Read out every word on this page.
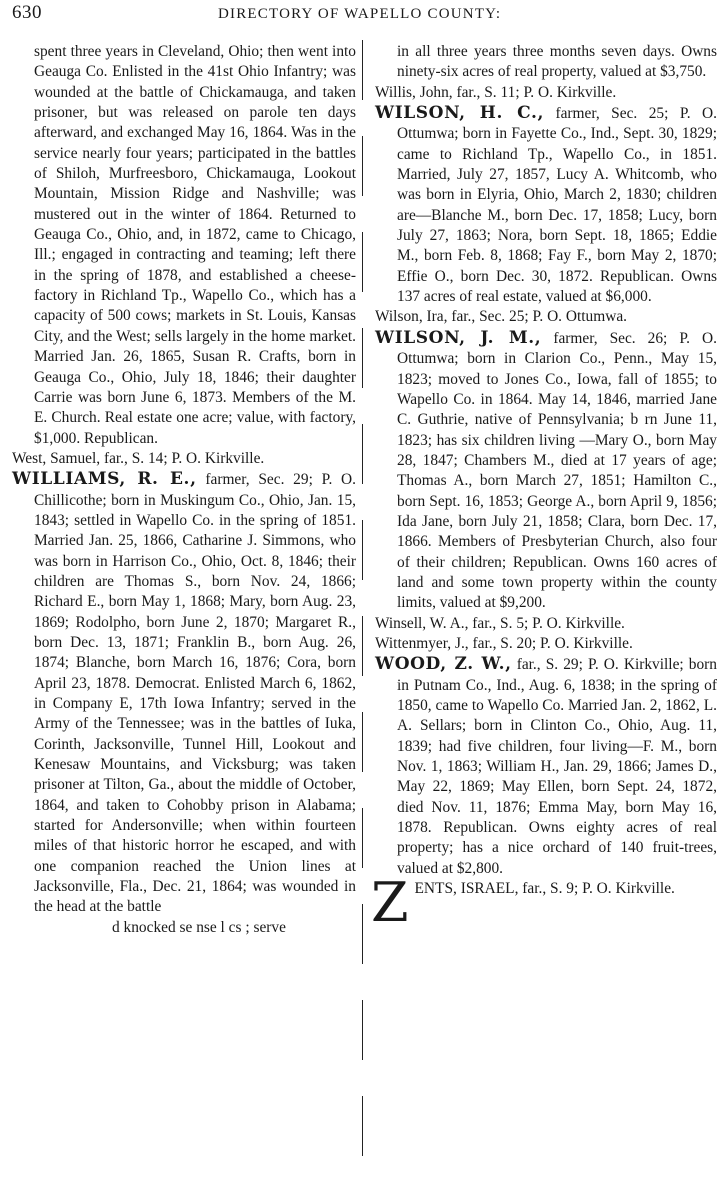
630	DIRECTORY OF WAPELLO COUNTY:

spent three years in Cleveland, Ohio; then went into Geauga Co. Enlisted in the 41st Ohio Infantry; was wounded at the battle of Chickamauga, and taken prisoner, but was released on parole ten days afterward, and exchanged May 16, 1864. Was in the service nearly four years; participated in the battles of Shiloh, Murfreesboro, Chickamauga, Lookout Mountain, Mission Ridge and Nashville; was mustered out in the winter of 1864. Returned to Geauga Co., Ohio, and, in 1872, came to Chicago, Ill.; engaged in contracting and teaming; left there in the spring of 1878, and established a cheese-factory in Richland Tp., Wapello Co., which has a capacity of 500 cows; markets in St. Louis, Kansas City, and the West; sells largely in the home market. Married Jan. 26, 1865, Susan R. Crafts, born in Geauga Co., Ohio, July 18, 1846; their daughter Carrie was born June 6, 1873. Members of the M. E. Church. Real estate one acre; value, with factory, $1,000. Republican.

West, Samuel, far., S. 14; P. O. Kirkville.

WILLIAMS, R. E., farmer, Sec. 29; P. O. Chillicothe; born in Muskingum Co., Ohio, Jan. 15, 1843; settled in Wapello Co. in the spring of 1851. Married Jan. 25, 1866, Catharine J. Simmons, who was born in Harrison Co., Ohio, Oct. 8, 1846; their children are Thomas S., born Nov. 24, 1866; Richard E., born May 1, 1868; Mary, born Aug. 23, 1869; Rodolpho, born June 2, 1870; Margaret R., born Dec. 13, 1871; Franklin B., born Aug. 26, 1874; Blanche, born March 16, 1876; Cora, born April 23, 1878. Democrat. Enlisted March 6, 1862, in Company E, 17th Iowa Infantry; served in the Army of the Tennessee; was in the battles of Iuka, Corinth, Jacksonville, Tunnel Hill, Lookout and Kenesaw Mountains, and Vicksburg; was taken prisoner at Tilton, Ga., about the middle of October, 1864, and taken to Cohobby prison in Alabama; started for Andersonville; when within fourteen miles of that historic horror he escaped, and with one companion reached the Union lines at Jacksonville, Fla., Dec. 21, 1864; was wounded in the head at the battle

d knocked se nse l cs ; serve

in all three years three months seven days. Owns ninety-six acres of real property, valued at $3,750.

Willis, John, far., S. 11; P. O. Kirkville.

WILSON, H. C., farmer, Sec. 25; P. O. Ottumwa; born in Fayette Co., Ind., Sept. 30, 1829; came to Richland Tp., Wapello Co., in 1851. Married, July 27, 1857, Lucy A. Whitcomb, who was born in Elyria, Ohio, March 2, 1830; children are—Blanche M., born Dec. 17, 1858; Lucy, born July 27, 1863; Nora, born Sept. 18, 1865; Eddie M., born Feb. 8, 1868; Fay F., born May 2, 1870; Effie O., born Dec. 30, 1872. Republican. Owns 137 acres of real estate, valued at $6,000.

Wilson, Ira, far., Sec. 25; P. O. Ottumwa.

WILSON, J. M., farmer, Sec. 26; P. O. Ottumwa; born in Clarion Co., Penn., May 15, 1823; moved to Jones Co., Iowa, fall of 1855; to Wapello Co. in 1864. May 14, 1846, married Jane C. Guthrie, native of Pennsylvania; b rn June 11, 1823; has six children living —Mary O., born May 28, 1847; Chambers M., died at 17 years of age; Thomas A., born March 27, 1851; Hamilton C., born Sept. 16, 1853; George A., born April 9, 1856; Ida Jane, born July 21, 1858; Clara, born Dec. 17, 1866. Members of Presbyterian Church, also four of their children; Republican. Owns 160 acres of land and some town property within the county limits, valued at $9,200.

Winsell, W. A., far., S. 5; P. O. Kirkville.

Wittenmyer, J., far., S. 20; P. O. Kirkville.

WOOD, Z. W., far., S. 29; P. O. Kirkville; born in Putnam Co., Ind., Aug. 6, 1838; in the spring of 1850, came to Wapello Co. Married Jan. 2, 1862, L. A. Sellars; born in Clinton Co., Ohio, Aug. 11, 1839; had five children, four living—F. M., born Nov. 1, 1863; William H., Jan. 29, 1866; James D., May 22, 1869; May Ellen, born Sept. 24, 1872, died Nov. 11, 1876; Emma May, born May 16, 1878. Republican. Owns eighty acres of real property; has a nice orchard of 140 fruit-trees, valued at $2,800.

ZENTS, ISRAEL, far., S. 9; P. O. Kirkville.
